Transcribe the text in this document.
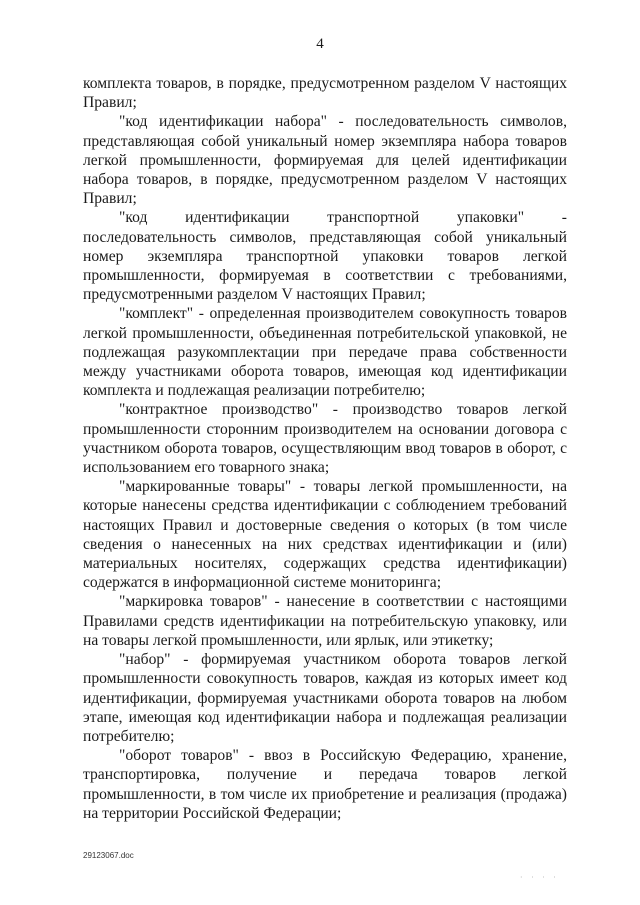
4

комплекта товаров, в порядке, предусмотренном разделом V настоящих Правил;

"код идентификации набора" - последовательность символов, представляющая собой уникальный номер экземпляра набора товаров легкой промышленности, формируемая для целей идентификации набора товаров, в порядке, предусмотренном разделом V настоящих Правил;

"код идентификации транспортной упаковки" - последовательность символов, представляющая собой уникальный номер экземпляра транспортной упаковки товаров легкой промышленности, формируемая в соответствии с требованиями, предусмотренными разделом V настоящих Правил;

"комплект" - определенная производителем совокупность товаров легкой промышленности, объединенная потребительской упаковкой, не подлежащая разукомплектации при передаче права собственности между участниками оборота товаров, имеющая код идентификации комплекта и подлежащая реализации потребителю;

"контрактное производство" - производство товаров легкой промышленности сторонним производителем на основании договора с участником оборота товаров, осуществляющим ввод товаров в оборот, с использованием его товарного знака;

"маркированные товары" - товары легкой промышленности, на которые нанесены средства идентификации с соблюдением требований настоящих Правил и достоверные сведения о которых (в том числе сведения о нанесенных на них средствах идентификации и (или) материальных носителях, содержащих средства идентификации) содержатся в информационной системе мониторинга;

"маркировка товаров" - нанесение в соответствии с настоящими Правилами средств идентификации на потребительскую упаковку, или на товары легкой промышленности, или ярлык, или этикетку;

"набор" - формируемая участником оборота товаров легкой промышленности совокупность товаров, каждая из которых имеет код идентификации, формируемая участниками оборота товаров на любом этапе, имеющая код идентификации набора и подлежащая реализации потребителю;

"оборот товаров" - ввоз в Российскую Федерацию, хранение, транспортировка, получение и передача товаров легкой промышленности, в том числе их приобретение и реализация (продажа) на территории Российской Федерации;

29123067.doc
· · · ·
